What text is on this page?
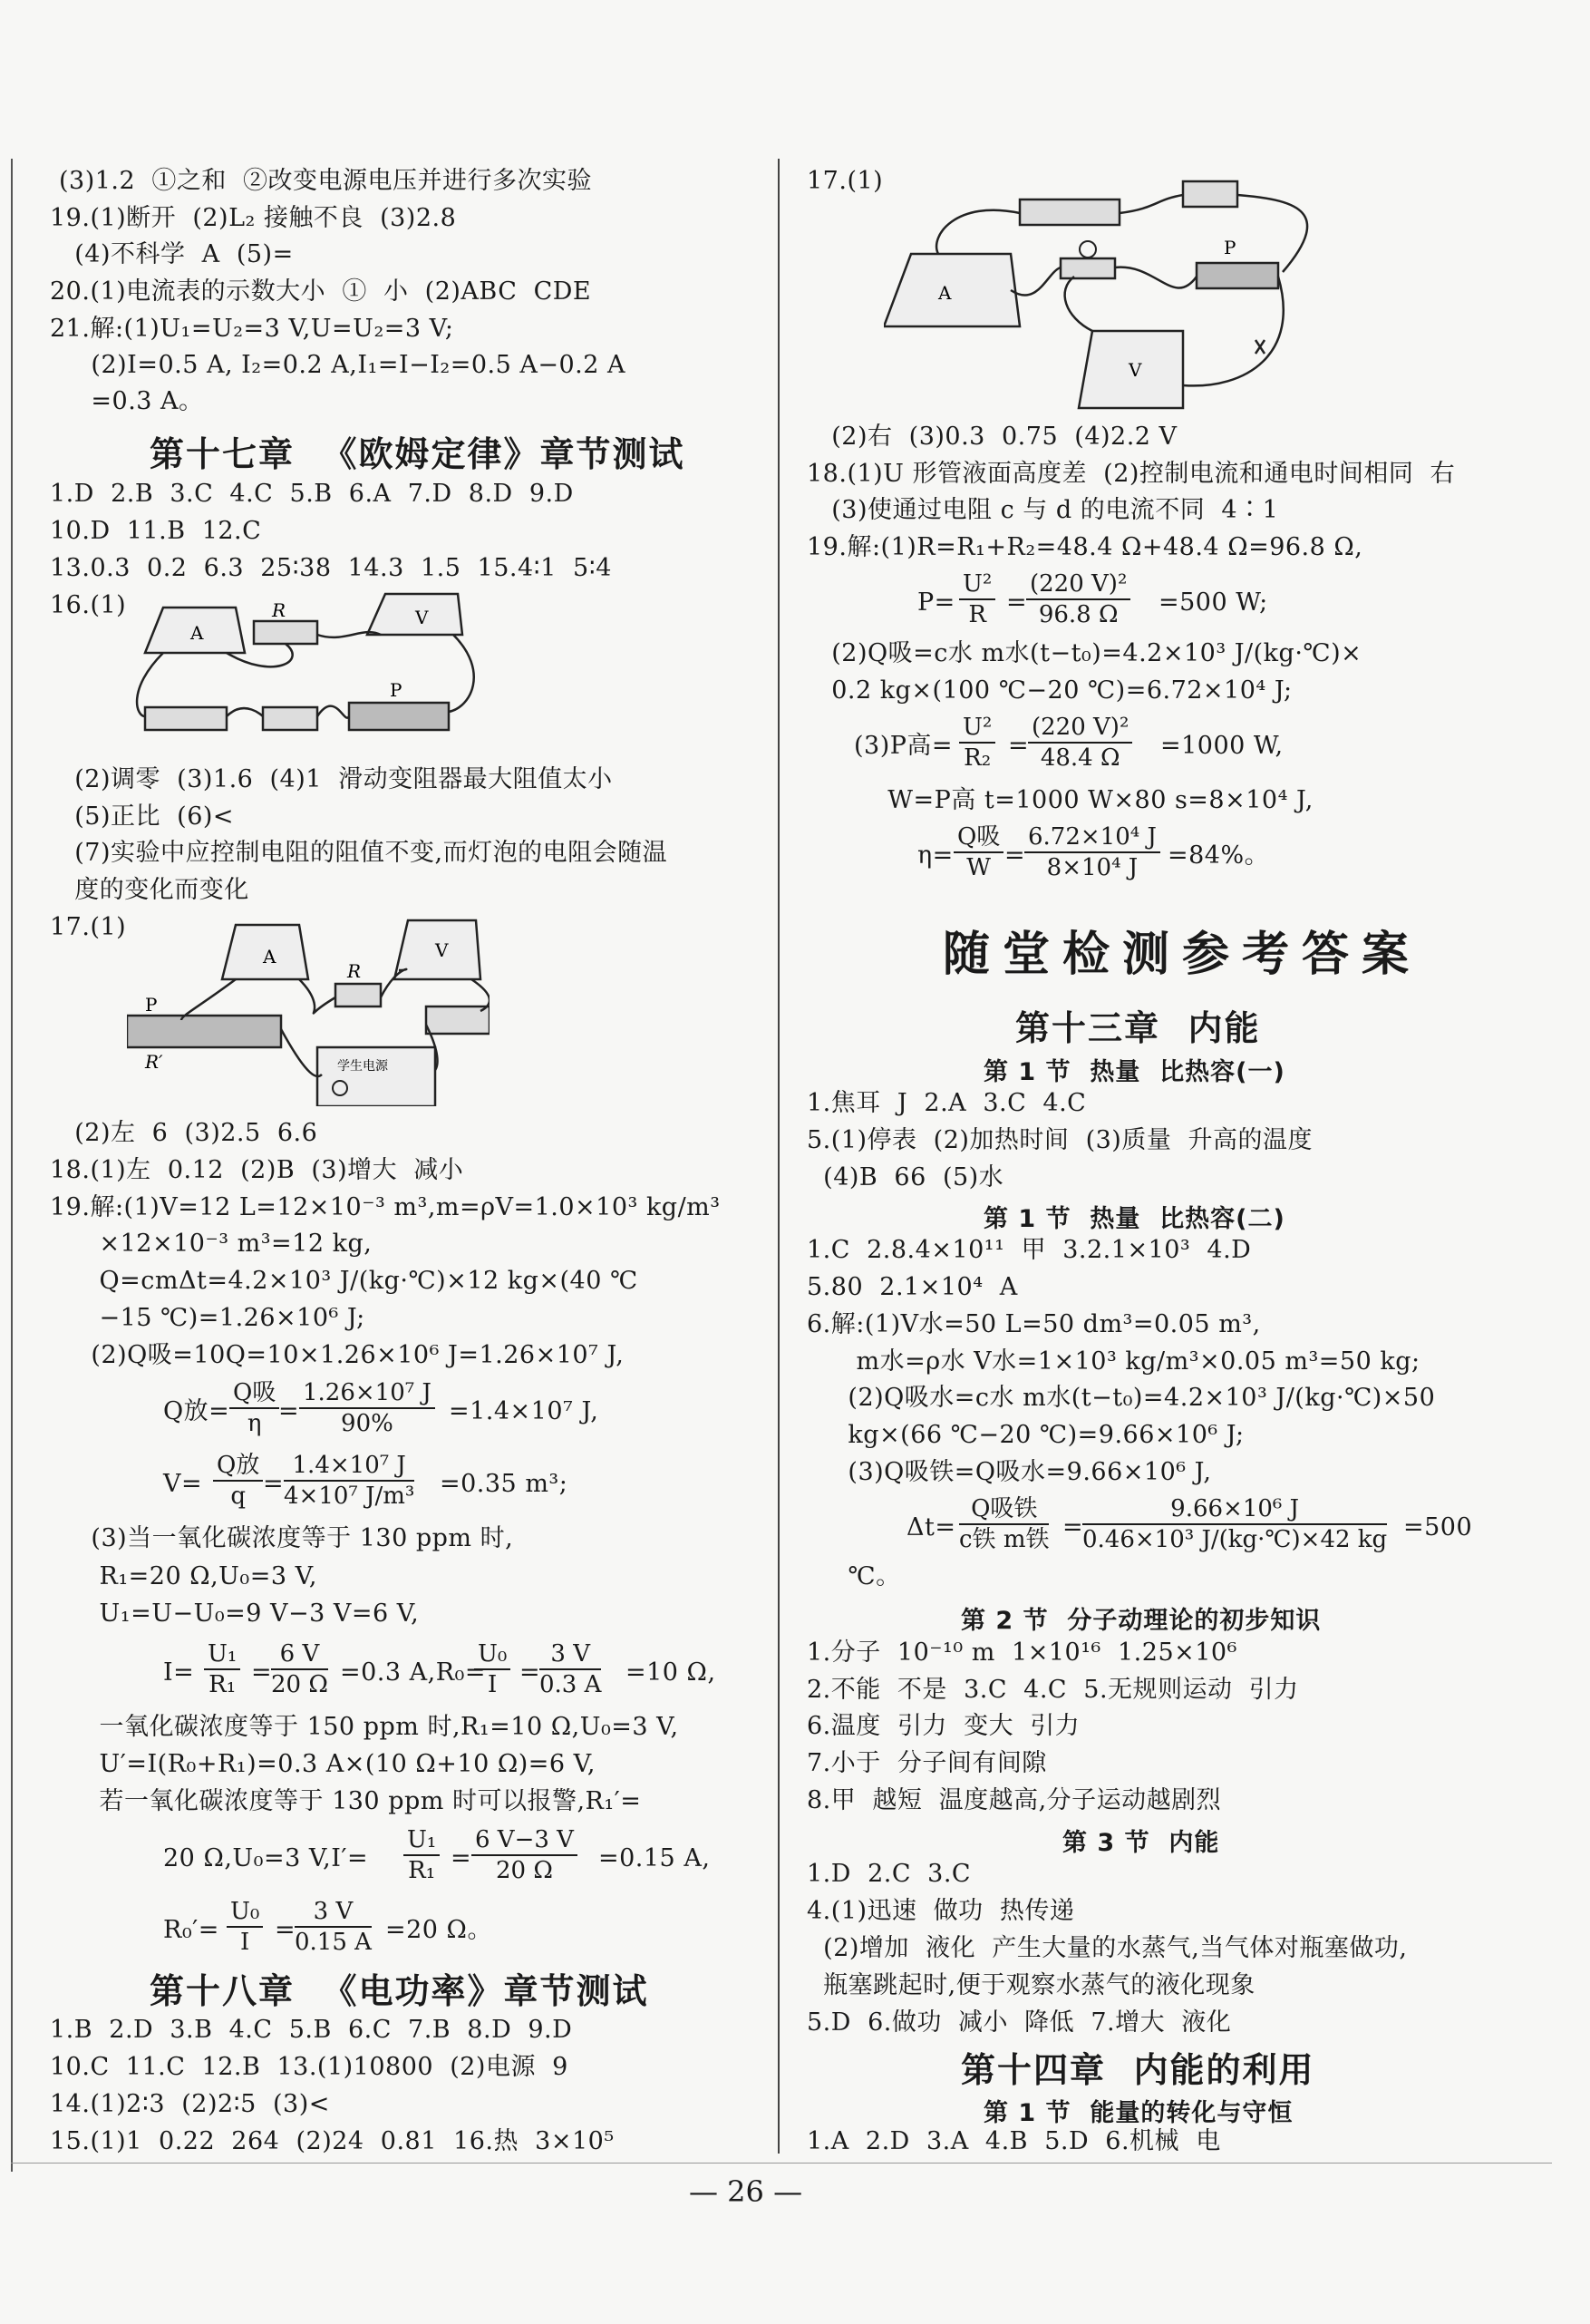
(3)1.2  ①之和  ②改变电源电压并进行多次实验
19.(1)断开  (2)L₂ 接触不良  (3)2.8
(4)不科学  A  (5)=
20.(1)电流表的示数大小  ①  小  (2)ABC  CDE
21.解:(1)U₁=U₂=3 V,U=U₂=3 V;
(2)I=0.5 A, I₂=0.2 A,I₁=I−I₂=0.5 A−0.2 A
=0.3 A。
第十七章  《欧姆定律》章节测试
1.D  2.B  3.C  4.C  5.B  6.A  7.D  8.D  9.D
10.D  11.B  12.C
13.0.3  0.2  6.3  25∶38  14.3  1.5  15.4∶1  5∶4
16.(1)
A
V
R
P
(2)调零  (3)1.6  (4)1  滑动变阻器最大阻值太小
(5)正比  (6)<
(7)实验中应控制电阻的阻值不变,而灯泡的电阻会随温
度的变化而变化
17.(1)
A	V
R
P
R′	学生电源
(2)左  6  (3)2.5  6.6
18.(1)左  0.12  (2)B  (3)增大  减小
19.解:(1)V=12 L=12×10⁻³ m³,m=ρV=1.0×10³ kg/m³
×12×10⁻³ m³=12 kg,
Q=cmΔt=4.2×10³ J/(kg·℃)×12 kg×(40 ℃
−15 ℃)=1.26×10⁶ J;
(2)Q吸=10Q=10×1.26×10⁶ J=1.26×10⁷ J,
Q放=
Q吸
$\eta = \frac{\text{1.26×10⁷ J}}{90\%} =1.4\times 10^7$ J,
V=
Q放
$q = \frac{\text{1.4×10⁷ J}}{\text{4×10⁷ J/m³}} =0.35$ m³;
(3)当一氧化碳浓度等于 130 ppm 时,
R₁=20 Ω,U₀=3 V,
U₁=U−U₀=9 V−3 V=6 V,
$I= \frac{\text{U₁}}{\text{R₁}}$ =
$\frac{6 V}{20 \Omega} =0.3$ A,R₀=
$\frac{\text{U₀}}{I}$ =
$\frac{3 V}{0.3 A} =10$ Ω,
一氧化碳浓度等于 150 ppm 时,R₁=10 Ω,U₀=3 V,
U′=I(R₀+R₁)=0.3 A×(10 Ω+10 Ω)=6 V,
若一氧化碳浓度等于 130 ppm 时可以报警,R₁′=
20 Ω,U₀=3 $V,I'= \frac{\text{U₁}}{\text{R₁}} = \frac{6 V-3 V}{20 \Omega} =0.15$ A,
$R_0'= \frac{\text{U₀}}{I}$ =
$\frac{3 V}{0.15 A} =20$ Ω。
第十八章  《电功率》章节测试
1.B  2.D  3.B  4.C  5.B  6.C  7.B  8.D  9.D
10.C  11.C  12.B  13.(1)10800  (2)电源  9
14.(1)2∶3  (2)2∶5  (3)<
15.(1)1  0.22  264  (2)24  0.81  16.热  3×10⁵
17.(1)
A
V
P
(2)右  (3)0.3  0.75  (4)2.2 V
18.(1)U 形管液面高度差  (2)控制电流和通电时间相同  右
(3)使通过电阻 c 与 d 的电流不同  4∶1
19.解:(1)R=R₁+R₂=48.4 Ω+48.4 Ω=96.8 Ω,
$P= \frac{\text{U²}}{R}$ =
$\frac{\text{(220 V)²}}{96.8 \Omega} =500$ W;
(2)Q吸=c水 m水(t−t₀)=4.2×10³ J/(kg·℃)×
0.2 kg×(100 ℃−20 ℃)=6.72×10⁴ J;
(3)P高= $\frac{\text{U²}}{\text{R₂}}$ =
$\frac{\text{(220 V)²}}{48.4 \Omega} =1000$ W,
W=P高 t=1000 W×80 s=8×10⁴ J,
η=
Q吸
W =
$\frac{\text{6.72×10⁴ J}}{\text{8×10⁴ J}} =84\%$。
随堂检测参考答案
第十三章  内能
第 1 节  热量  比热容(一)
1.焦耳  J  2.A  3.C  4.C
5.(1)停表  (2)加热时间  (3)质量  升高的温度
(4)B  66  (5)水
第 1 节  热量  比热容(二)
1.C  2.8.4×10¹¹  甲  3.2.1×10³  4.D
5.80  2.1×10⁴  A
6.解:(1)V水=50 L=50 dm³=0.05 m³,
m水=ρ水 V水=1×10³ kg/m³×0.05 m³=50 kg;
(2)Q吸水=c水 m水(t−t₀)=4.2×10³ J/(kg·℃)×50
kg×(66 ℃−20 ℃)=9.66×10⁶ J;
(3)Q吸铁=Q吸水=9.66×10⁶ J,
Δt=
Q吸铁
c铁 m铁 =
$\frac{\text{9.66×10⁶ J}}{\text{0.46×10³ J/(kg·℃)×42 kg}} =500$
℃。
第 2 节  分子动理论的初步知识
1.分子  10⁻¹⁰ m  1×10¹⁶  1.25×10⁶
2.不能  不是  3.C  4.C  5.无规则运动  引力
6.温度  引力  变大  引力
7.小于  分子间有间隙
8.甲  越短  温度越高,分子运动越剧烈
第 3 节  内能
1.D  2.C  3.C
4.(1)迅速  做功  热传递
(2)增加  液化  产生大量的水蒸气,当气体对瓶塞做功,
瓶塞跳起时,便于观察水蒸气的液化现象
5.D  6.做功  减小  降低  7.增大  液化
第十四章  内能的利用
第 1 节  能量的转化与守恒
1.A  2.D  3.A  4.B  5.D  6.机械  电
— 26 —
